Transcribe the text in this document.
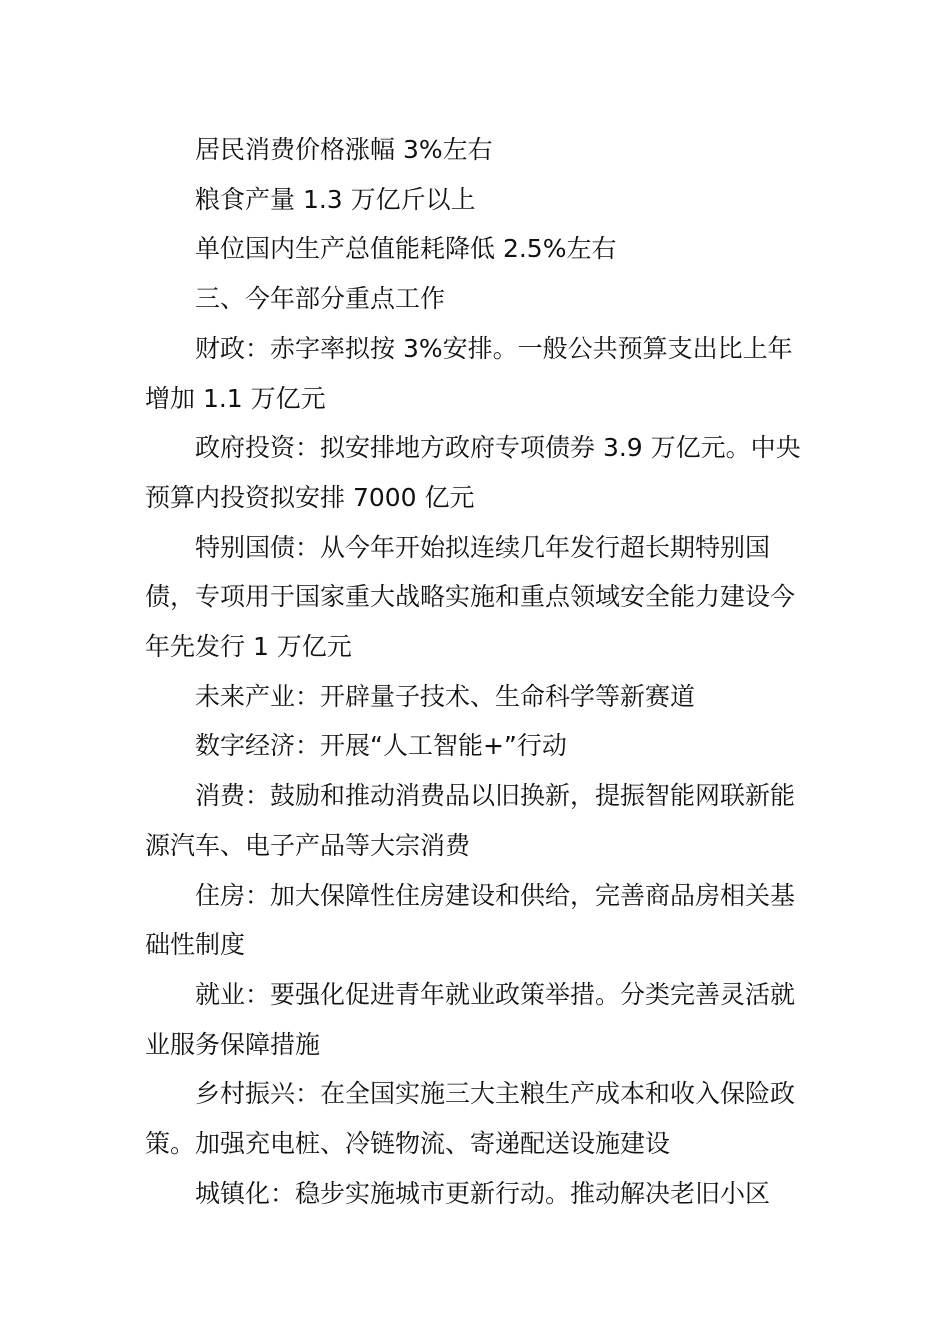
居民消费价格涨幅 3%左右

粮食产量 1.3 万亿斤以上

单位国内生产总值能耗降低 2.5%左右

三、今年部分重点工作

财政：赤字率拟按 3%安排。一般公共预算支出比上年增加 1.1 万亿元

政府投资：拟安排地方政府专项债券 3.9 万亿元。中央预算内投资拟安排 7000 亿元

特别国债：从今年开始拟连续几年发行超长期特别国债，专项用于国家重大战略实施和重点领域安全能力建设今年先发行 1 万亿元

未来产业：开辟量子技术、生命科学等新赛道

数字经济：开展“人工智能+”行动

消费：鼓励和推动消费品以旧换新，提振智能网联新能源汽车、电子产品等大宗消费

住房：加大保障性住房建设和供给，完善商品房相关基础性制度

就业：要强化促进青年就业政策举措。分类完善灵活就业服务保障措施

乡村振兴：在全国实施三大主粮生产成本和收入保险政策。加强充电桩、冷链物流、寄递配送设施建设

城镇化：稳步实施城市更新行动。推动解决老旧小区
